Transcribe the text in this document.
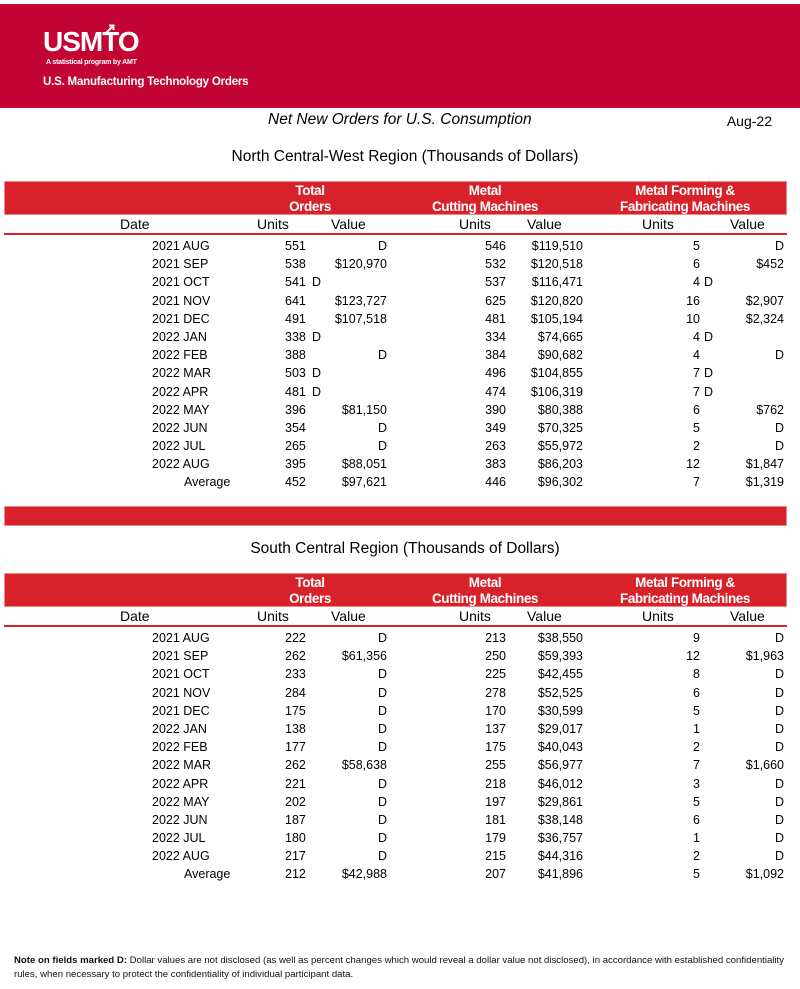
USMTO
A statistical program by AMT
U.S. Manufacturing Technology Orders
Net New Orders for U.S. Consumption	Aug-22
North Central-West Region (Thousands of Dollars)
Total
Orders
Metal
Cutting Machines
Metal Forming &
Fabricating Machines
Date	Units	Value	Units	Value	Units	Value
2021 AUG	551	D	546 $119,510	5	D
2021 SEP	538 $120,970	532 $120,518	6	$452
2021 OCT	541 D	537 $116,471	4 D
2021 NOV	641 $123,727	625 $120,820	16	$2,907
2021 DEC	491 $107,518	481 $105,194	10	$2,324
2022 JAN	338 D	334	$74,665	4 D
2022 FEB	388	D	384	$90,682	4	D
2022 MAR	503 D	496 $104,855	7 D
2022 APR	481 D	474 $106,319	7 D
2022 MAY	396	$81,150	390	$80,388	6	$762
2022 JUN	354	D	349	$70,325	5	D
2022 JUL	265	D	263	$55,972	2	D
2022 AUG	395	$88,051	383	$86,203	12	$1,847
Average	452	$97,621	446	$96,302	7	$1,319
South Central Region (Thousands of Dollars)
Total
Orders
Metal
Cutting Machines
Metal Forming &
Fabricating Machines
Date	Units	Value	Units	Value	Units	Value
2021 AUG	222	D	213	$38,550	9	D
2021 SEP	262	$61,356	250	$59,393	12	$1,963
2021 OCT	233	D	225	$42,455	8	D
2021 NOV	284	D	278	$52,525	6	D
2021 DEC	175	D	170	$30,599	5	D
2022 JAN	138	D	137	$29,017	1	D
2022 FEB	177	D	175	$40,043	2	D
2022 MAR	262	$58,638	255	$56,977	7	$1,660
2022 APR	221	D	218	$46,012	3	D
2022 MAY	202	D	197	$29,861	5	D
2022 JUN	187	D	181	$38,148	6	D
2022 JUL	180	D	179	$36,757	1	D
2022 AUG	217	D	215	$44,316	2	D
Average	212	$42,988	207	$41,896	5	$1,092
Note on fields marked D: Dollar values are not disclosed (as well as percent changes which would reveal a dollar value not disclosed), in accordance with established confidentiality rules, when necessary to protect the confidentiality of individual participant data.
